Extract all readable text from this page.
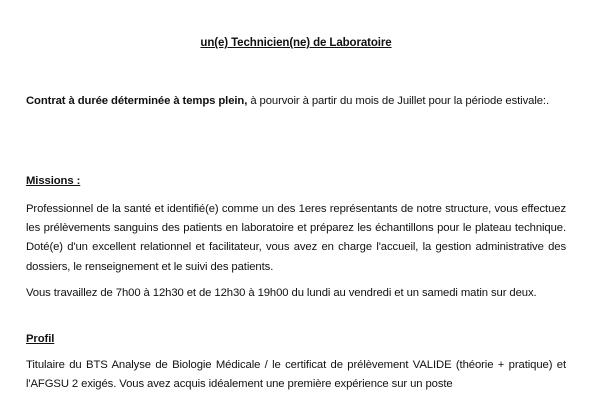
un(e) Technicien(ne) de Laboratoire

Contrat à durée déterminée à temps plein, à pourvoir à partir du mois de Juillet pour la période estivale:.

Missions :

Professionnel de la santé et identifié(e) comme un des 1eres représentants de notre structure, vous effectuez les prélèvements sanguins des patients en laboratoire et préparez les échantillons pour le plateau technique. Doté(e) d'un excellent relationnel et facilitateur, vous avez en charge l'accueil, la gestion administrative des dossiers, le renseignement et le suivi des patients.

Vous travaillez de 7h00 à 12h30 et de 12h30 à 19h00 du lundi au vendredi et un samedi matin sur deux.

Profil

Titulaire du BTS Analyse de Biologie Médicale / le certificat de prélèvement VALIDE (théorie + pratique) et l'AFGSU 2 exigés. Vous avez acquis idéalement une première expérience sur un poste
